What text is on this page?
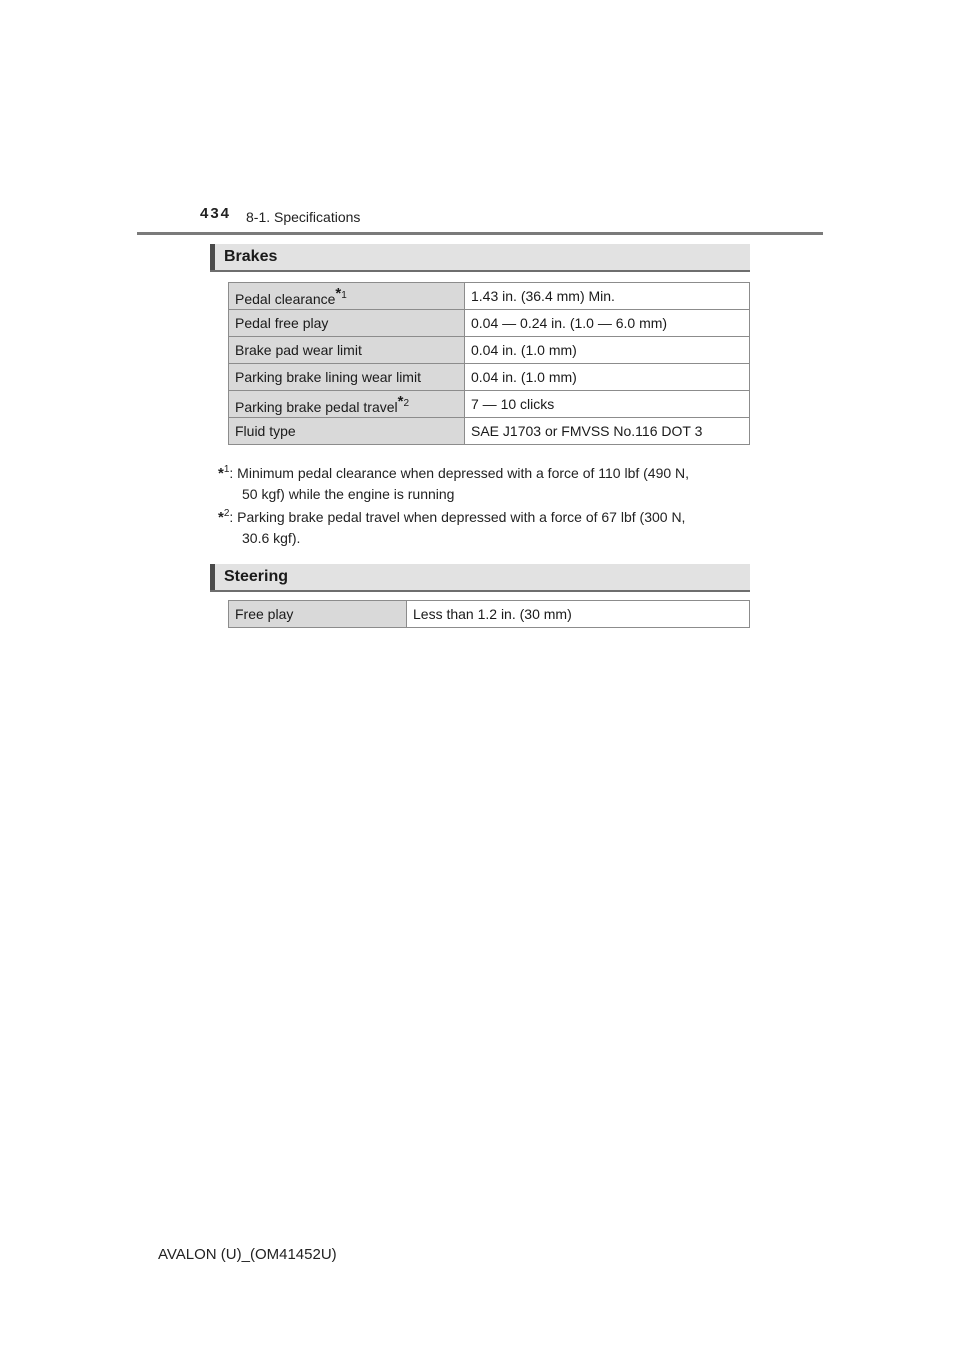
434 8-1. Specifications
Brakes
Pedal clearance$^{*1}$	1.43 in. (36.4 mm) Min.
Pedal free play	0.04 — 0.24 in. (1.0 — 6.0 mm)
Brake pad wear limit	0.04 in. (1.0 mm)
Parking brake lining wear limit	0.04 in. (1.0 mm)
Parking brake pedal travel$^{*2}$	7 — 10 clicks
Fluid type	SAE J1703 or FMVSS No.116 DOT 3
*$^1$: Minimum pedal clearance when depressed with a force of 110 lbf (490 N,
50 kgf) while the engine is running
*$^2$: Parking brake pedal travel when depressed with a force of 67 lbf (300 N,
30.6 kgf).
Steering
Free play	Less than 1.2 in. (30 mm)
AVALON (U)_(OM41452U)
